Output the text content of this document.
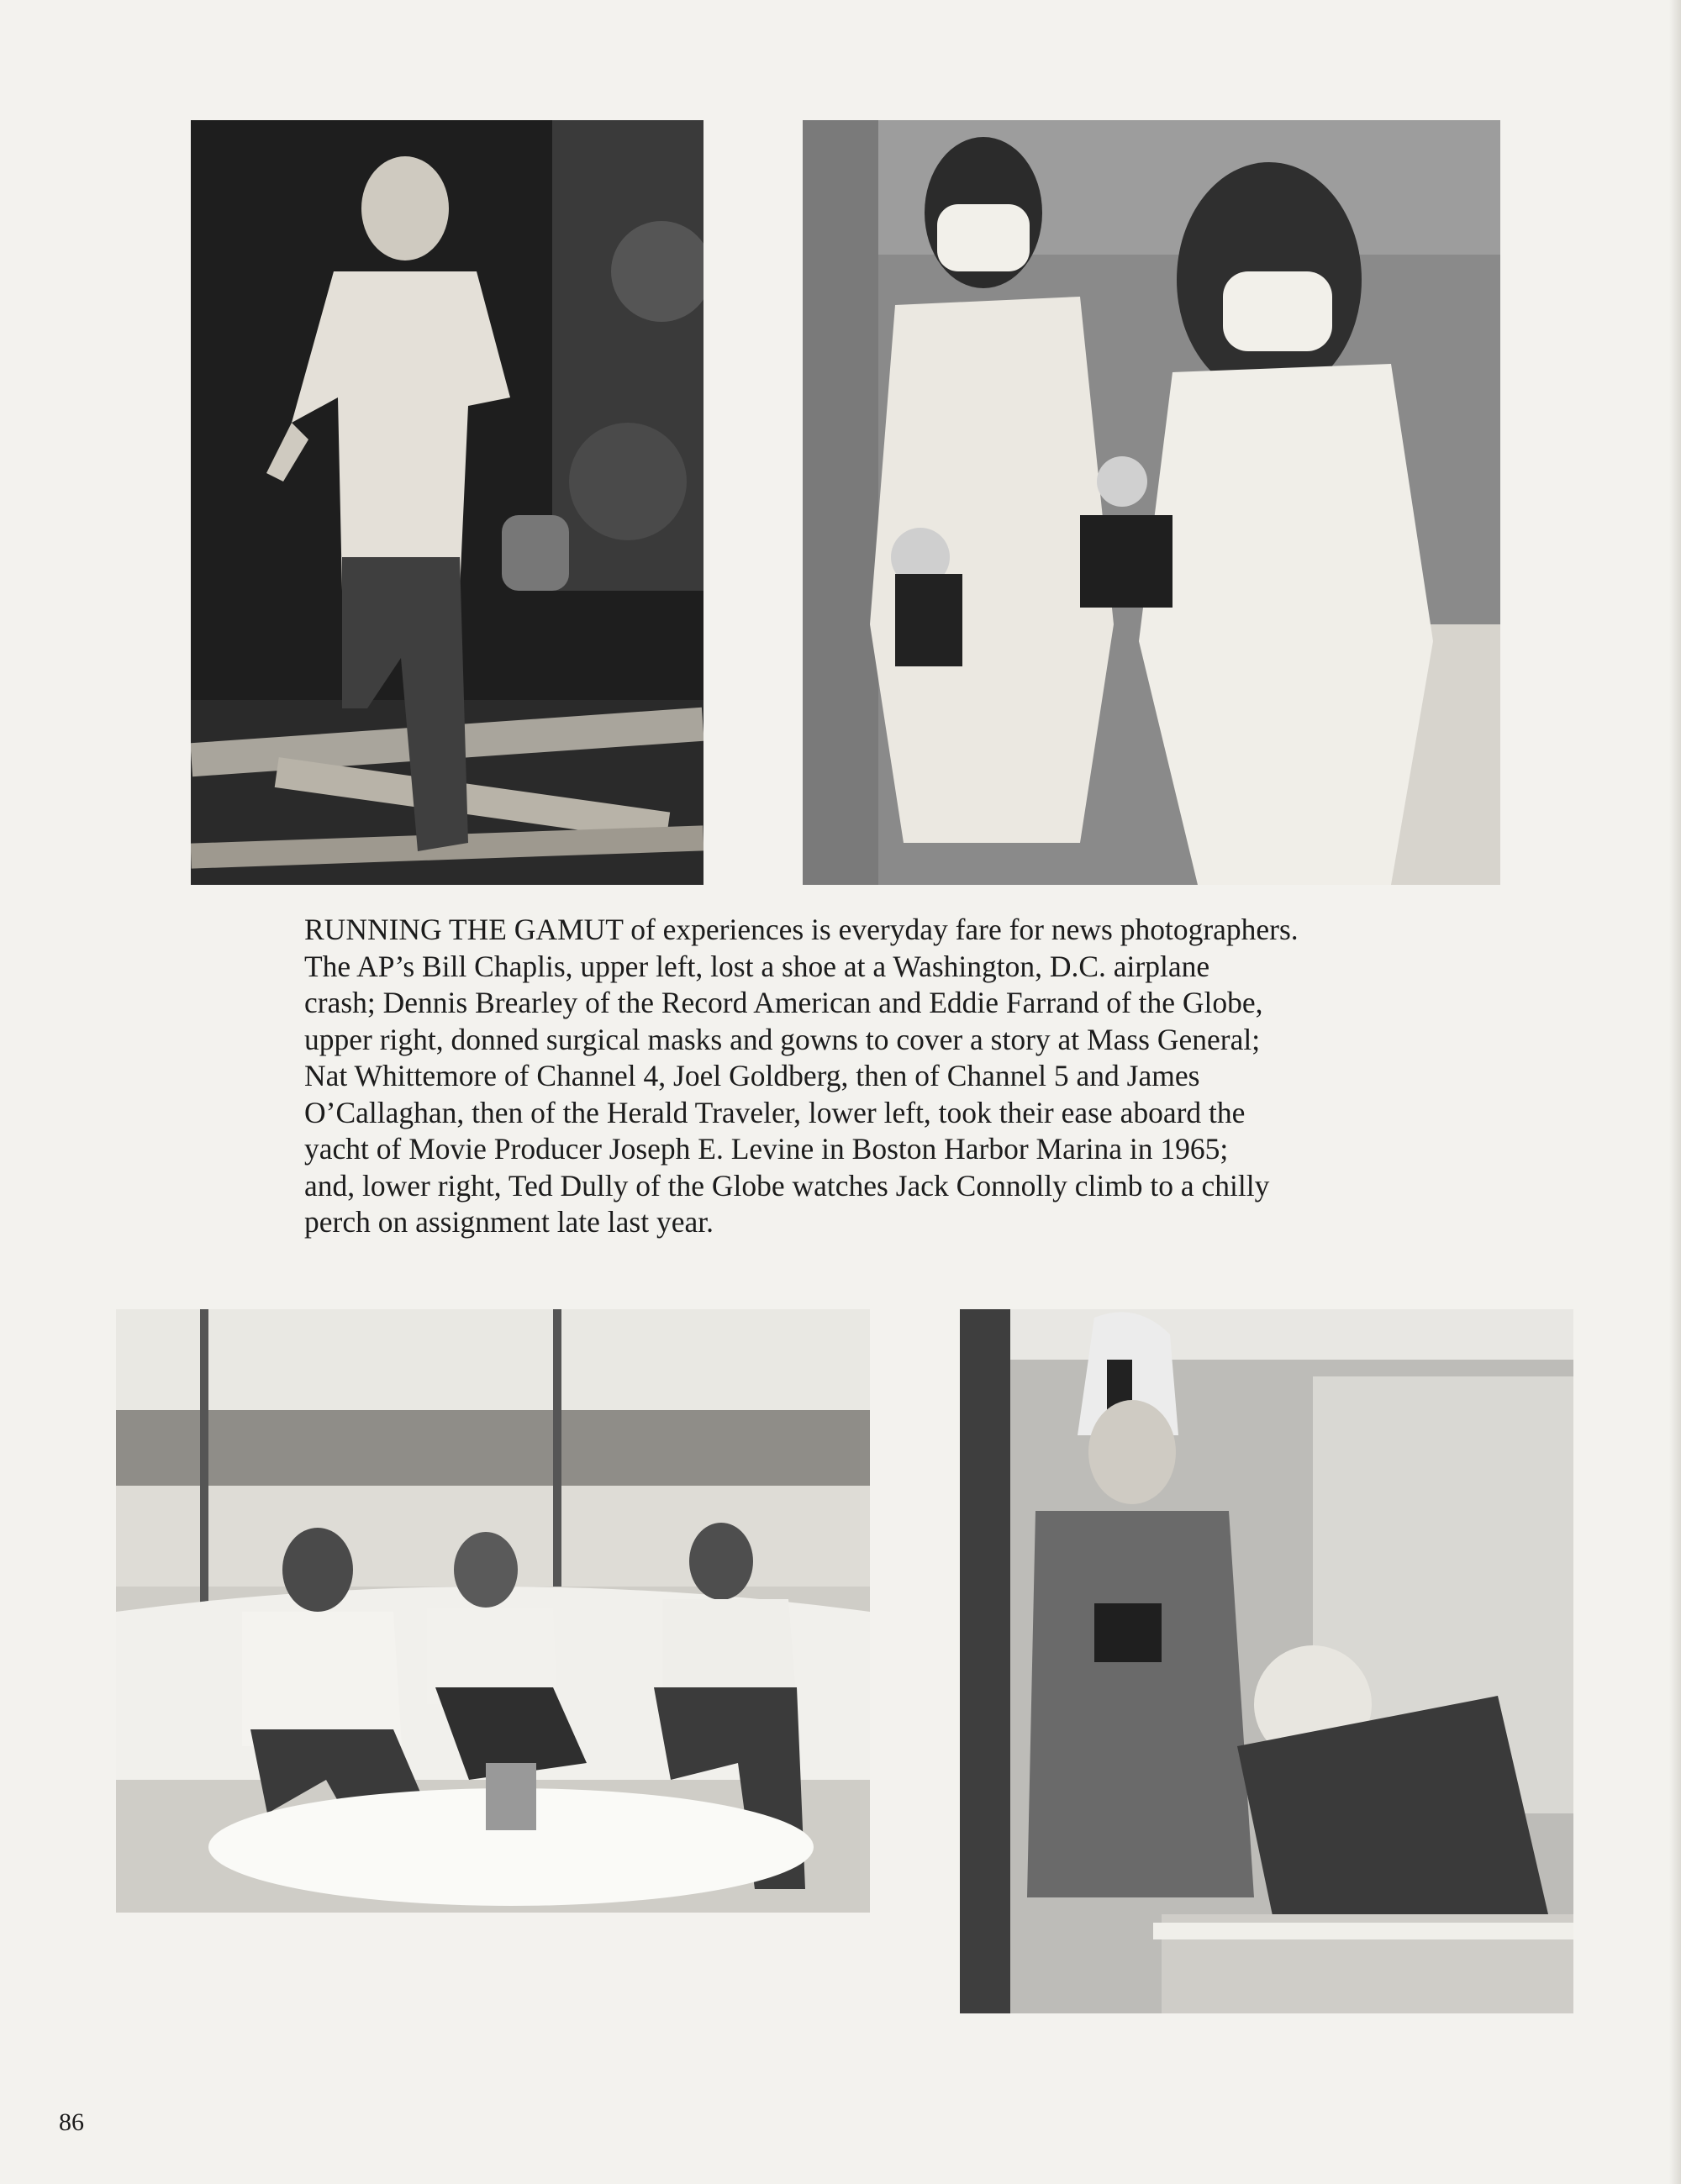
RUNNING THE GAMUT of experiences is everyday fare for news photographers.
The AP’s Bill Chaplis, upper left, lost a shoe at a Washington, D.C. airplane
crash; Dennis Brearley of the Record American and Eddie Farrand of the Globe,
upper right, donned surgical masks and gowns to cover a story at Mass General;
Nat Whittemore of Channel 4, Joel Goldberg, then of Channel 5 and James
O’Callaghan, then of the Herald Traveler, lower left, took their ease aboard the
yacht of Movie Producer Joseph E. Levine in Boston Harbor Marina in 1965;
and, lower right, Ted Dully of the Globe watches Jack Connolly climb to a chilly
perch on assignment late last year.

86
